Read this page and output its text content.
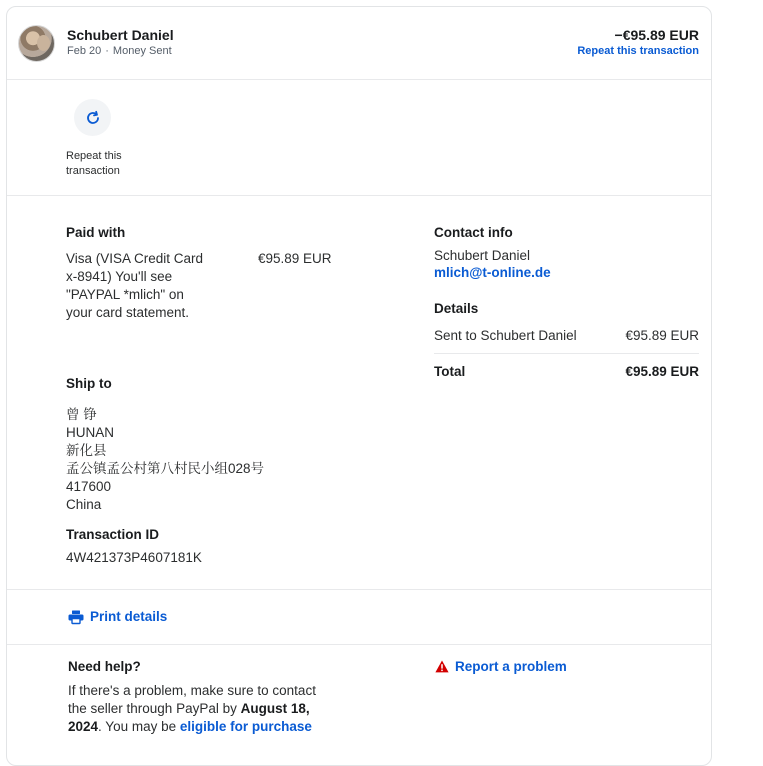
Schubert Daniel
Feb 20 · Money Sent
−€95.89 EUR
Repeat this transaction
Repeat this transaction
Paid with
Visa (VISA Credit Card x-8941) You'll see "PAYPAL *mlich" on your card statement.
€95.89 EUR
Ship to
曾 铮
HUNAN
新化县
孟公镇孟公村第八村民小组028号
417600
China
Transaction ID
4W421373P4607181K
Contact info
Schubert Daniel
mlich@t-online.de
Details
Sent to Schubert Daniel	€95.89 EUR
Total	€95.89 EUR
Print details
Need help?
If there's a problem, make sure to contact the seller through PayPal by August 18, 2024. You may be eligible for purchase
Report a problem
